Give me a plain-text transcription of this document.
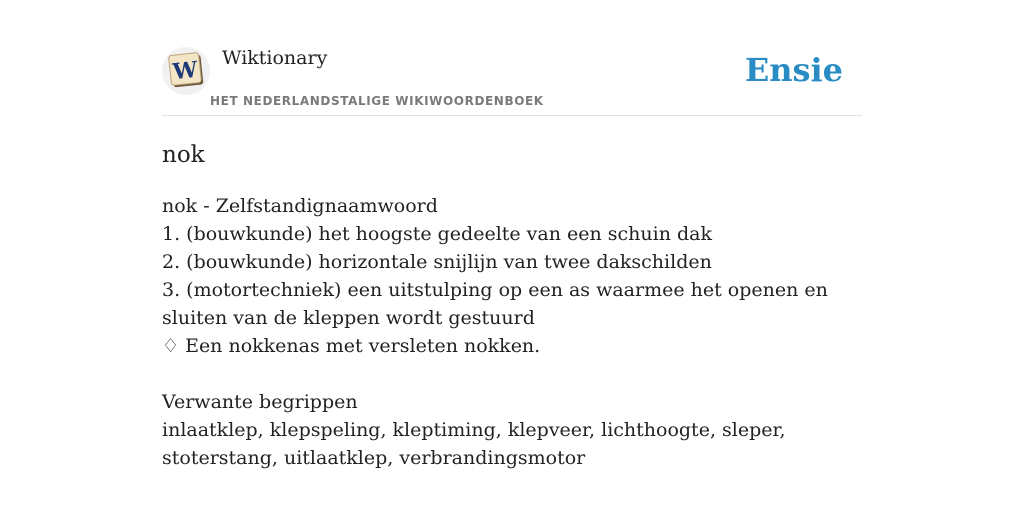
W Wiktionary
HET NEDERLANDSTALIGE WIKIWOORDENBOEK
Ensie
nok
nok - Zelfstandignaamwoord
1. (bouwkunde) het hoogste gedeelte van een schuin dak
2. (bouwkunde) horizontale snijlijn van twee dakschilden
3. (motortechniek) een uitstulping op een as waarmee het openen en sluiten van de kleppen wordt gestuurd
♢ Een nokkenas met versleten nokken.
Verwante begrippen
inlaatklep, klepspeling, kleptiming, klepveer, lichthoogte, sleper, stoterstang, uitlaatklep, verbrandingsmotor
